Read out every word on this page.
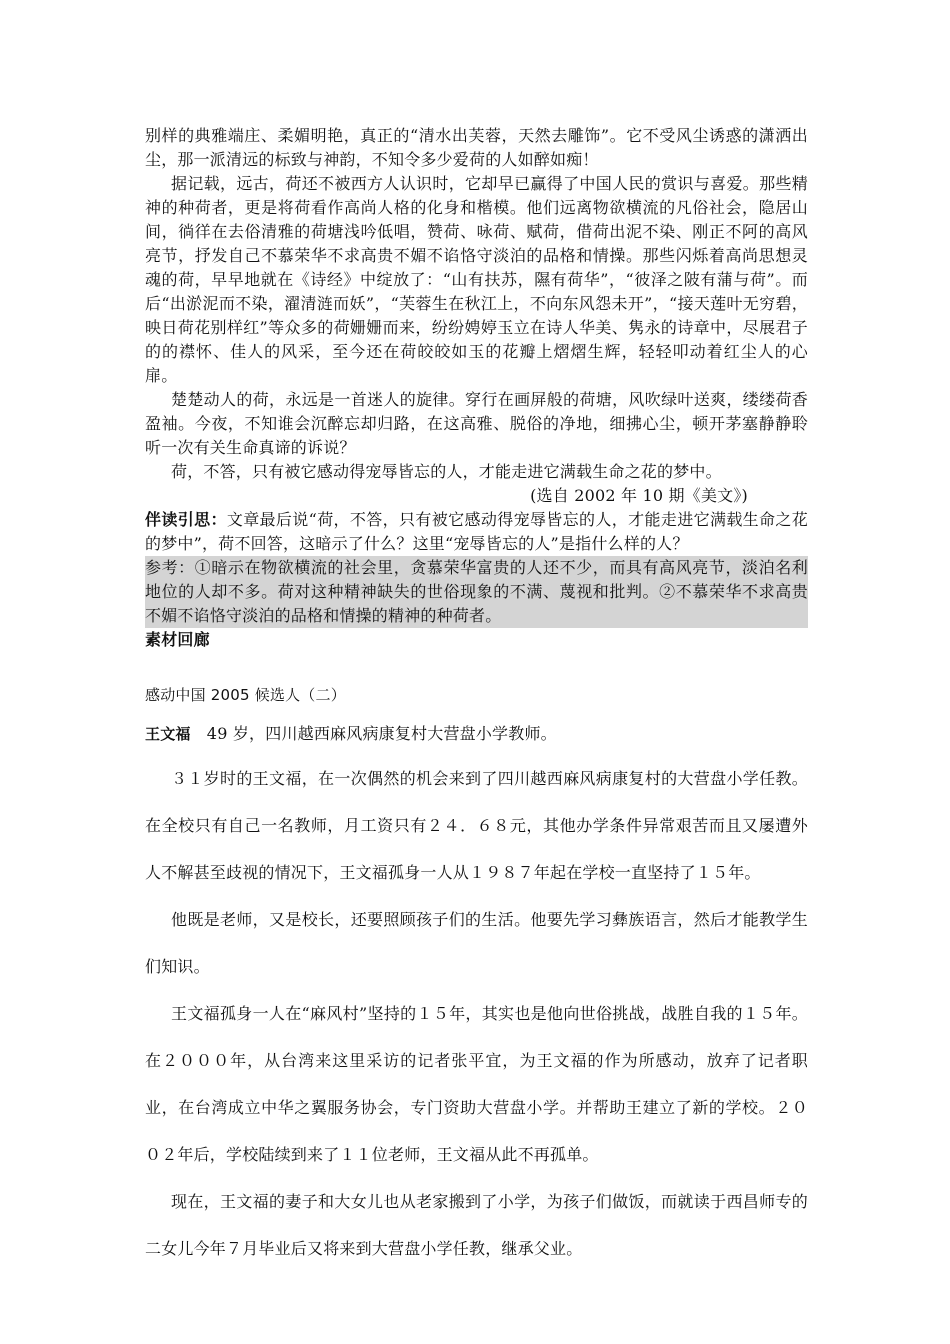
别样的典雅端庄、柔媚明艳，真正的“清水出芙蓉，天然去雕饰”。它不受风尘诱惑的潇洒出尘，那一派清远的标致与神韵，不知令多少爱荷的人如醉如痴！

据记载，远古，荷还不被西方人认识时，它却早已赢得了中国人民的赏识与喜爱。那些精神的种荷者，更是将荷看作高尚人格的化身和楷模。他们远离物欲横流的凡俗社会，隐居山间，徜徉在去俗清雅的荷塘浅吟低唱，赞荷、咏荷、赋荷，借荷出泥不染、刚正不阿的高风亮节，抒发自己不慕荣华不求高贵不媚不谄恪守淡泊的品格和情操。那些闪烁着高尚思想灵魂的荷，早早地就在《诗经》中绽放了：“山有扶苏，隰有荷华”，“彼泽之陂有蒲与荷”。而后“出淤泥而不染，濯清涟而妖”，“芙蓉生在秋江上，不向东风怨未开”，“接天莲叶无穷碧，映日荷花别样红”等众多的荷姗姗而来，纷纷娉婷玉立在诗人华美、隽永的诗章中，尽展君子的的襟怀、佳人的风采，至今还在荷皎皎如玉的花瓣上熠熠生辉，轻轻叩动着红尘人的心扉。

楚楚动人的荷，永远是一首迷人的旋律。穿行在画屏般的荷塘，风吹绿叶送爽，缕缕荷香盈袖。今夜，不知谁会沉醉忘却归路，在这高雅、脱俗的净地，细拂心尘，顿开茅塞静静聆听一次有关生命真谛的诉说？

荷，不答，只有被它感动得宠辱皆忘的人，才能走进它满载生命之花的梦中。

(选自 2002 年 10 期《美文》)

伴读引思：文章最后说“荷，不答，只有被它感动得宠辱皆忘的人，才能走进它满载生命之花的梦中”，荷不回答，这暗示了什么？这里“宠辱皆忘的人”是指什么样的人？

参考：①暗示在物欲横流的社会里，贪慕荣华富贵的人还不少，而具有高风亮节，淡泊名利地位的人却不多。荷对这种精神缺失的世俗现象的不满、蔑视和批判。②不慕荣华不求高贵不媚不谄恪守淡泊的品格和情操的精神的种荷者。

素材回廊

感动中国 2005 候选人（二）
王文福　49 岁，四川越西麻风病康复村大营盘小学教师。

３１岁时的王文福，在一次偶然的机会来到了四川越西麻风病康复村的大营盘小学任教。在全校只有自己一名教师，月工资只有２４．６８元，其他办学条件异常艰苦而且又屡遭外人不解甚至歧视的情况下，王文福孤身一人从１９８７年起在学校一直坚持了１５年。

他既是老师，又是校长，还要照顾孩子们的生活。他要先学习彝族语言，然后才能教学生们知识。

王文福孤身一人在“麻风村”坚持的１５年，其实也是他向世俗挑战，战胜自我的１５年。在２０００年，从台湾来这里采访的记者张平宜，为王文福的作为所感动，放弃了记者职业，在台湾成立中华之翼服务协会，专门资助大营盘小学。并帮助王建立了新的学校。２００２年后，学校陆续到来了１１位老师，王文福从此不再孤单。

现在，王文福的妻子和大女儿也从老家搬到了小学，为孩子们做饭，而就读于西昌师专的二女儿今年７月毕业后又将来到大营盘小学任教，继承父业。
